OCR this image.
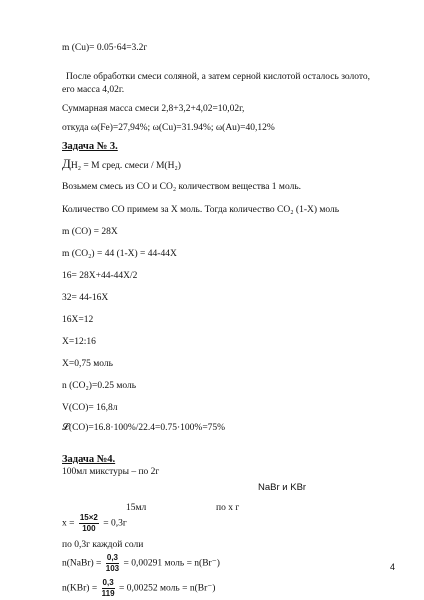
m (Cu)= 0.05·64=3.2г
После обработки смеси соляной, а затем серной кислотой осталось золото,
его масса 4,02г.
Суммарная масса смеси 2,8+3,2+4,02=10,02г,
откуда ω(Fe)=27,94%; ω(Cu)=31.94%; ω(Au)=40,12%
Задача № 3.
ДН₂ = М сред. смеси / М(Н₂)
Возьмем смесь из СО и СО₂ количеством вещества 1 моль.
Количество СО примем за Х моль. Тогда количество СО₂ (1-Х) моль
m (CO) = 28X
m (CO₂) = 44 (1-X) = 44-44X
16= 28X+44-44X/2
32= 44-16X
16X=12
X=12:16
X=0,75 моль
n (CO₂)=0.25 моль
V(CO)= 16,8л
𝓛(CO)=16.8·100%/22.4=0.75·100%=75%
Задача №4.
100мл микстуры – по 2г
NaBr и KBr
15мл	по х г
$х = \frac{15\times 2}{100} = 0,3г$
по 0,3г каждой соли
n(NaBr) = $\frac{0,3}{103} = 0,00291$ моль = n(Br⁻)
$n(KBr) = \frac{0,3}{119} = 0,00252$ моль = n(Br⁻)
4
